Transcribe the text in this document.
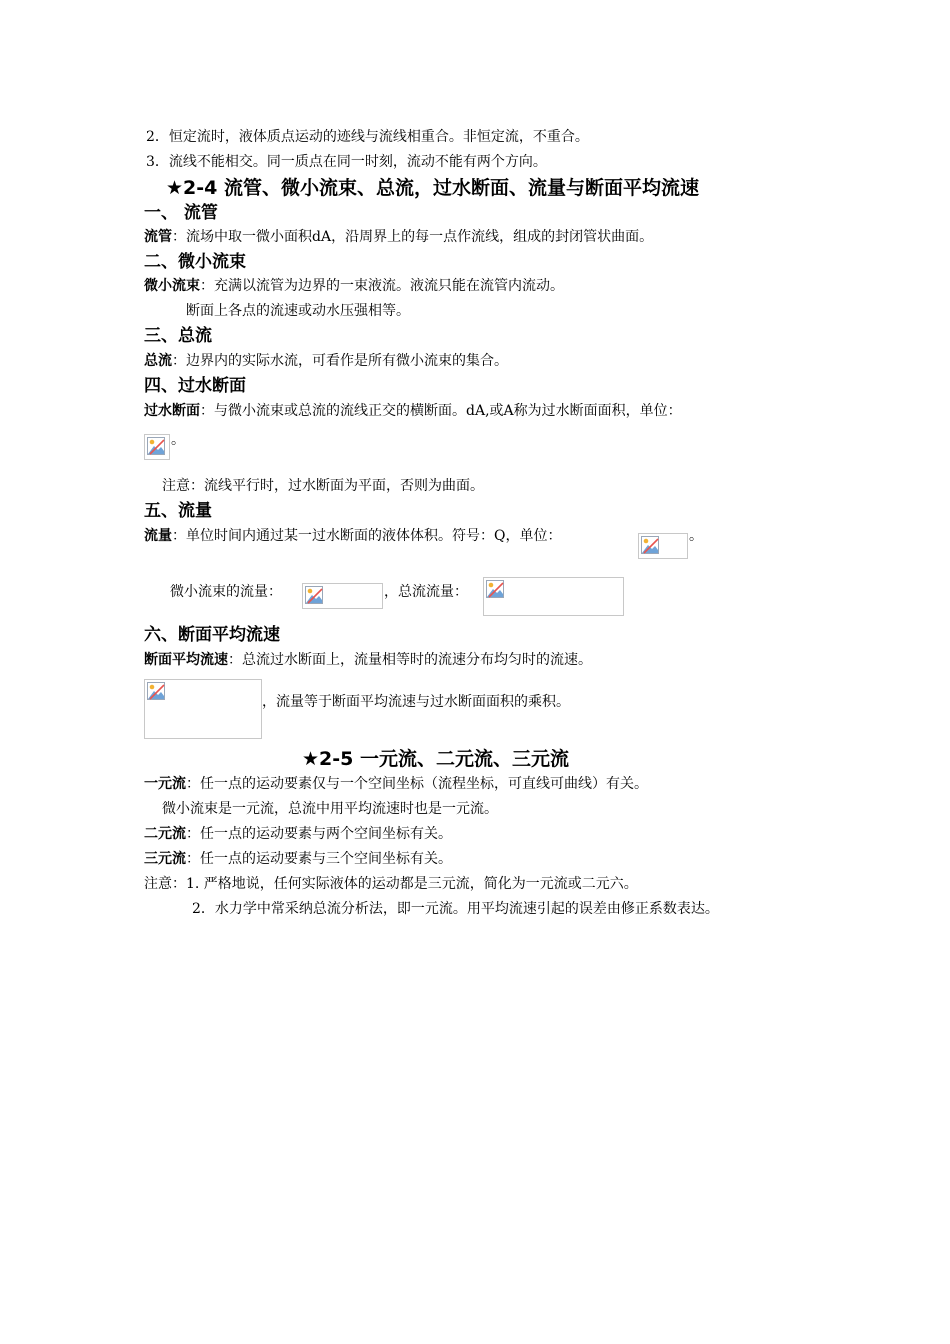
2．恒定流时，液体质点运动的迹线与流线相重合。非恒定流，不重合。
3．流线不能相交。同一质点在同一时刻，流动不能有两个方向。
★2-4 流管、微小流束、总流，过水断面、流量与断面平均流速
一、 流管
流管：流场中取一微小面积dA，沿周界上的每一点作流线，组成的封闭管状曲面。
二、微小流束
微小流束：充满以流管为边界的一束液流。液流只能在流管内流动。
断面上各点的流速或动水压强相等。
三、总流
总流：边界内的实际水流，可看作是所有微小流束的集合。
四、过水断面
过水断面：与微小流束或总流的流线正交的横断面。dA,或A称为过水断面面积，单位：
。
注意：流线平行时，过水断面为平面，否则为曲面。
五、流量
流量：单位时间内通过某一过水断面的液体体积。符号：Q，单位：	。
微小流束的流量：	，总流流量：
六、断面平均流速
断面平均流速：总流过水断面上，流量相等时的流速分布均匀时的流速。
，流量等于断面平均流速与过水断面面积的乘积。
★2-5 一元流、二元流、三元流
一元流：任一点的运动要素仅与一个空间坐标（流程坐标，可直线可曲线）有关。
微小流束是一元流，总流中用平均流速时也是一元流。
二元流：任一点的运动要素与两个空间坐标有关。
三元流：任一点的运动要素与三个空间坐标有关。
注意：1. 严格地说，任何实际液体的运动都是三元流，简化为一元流或二元六。
2．水力学中常采纳总流分析法，即一元流。用平均流速引起的误差由修正系数表达。
